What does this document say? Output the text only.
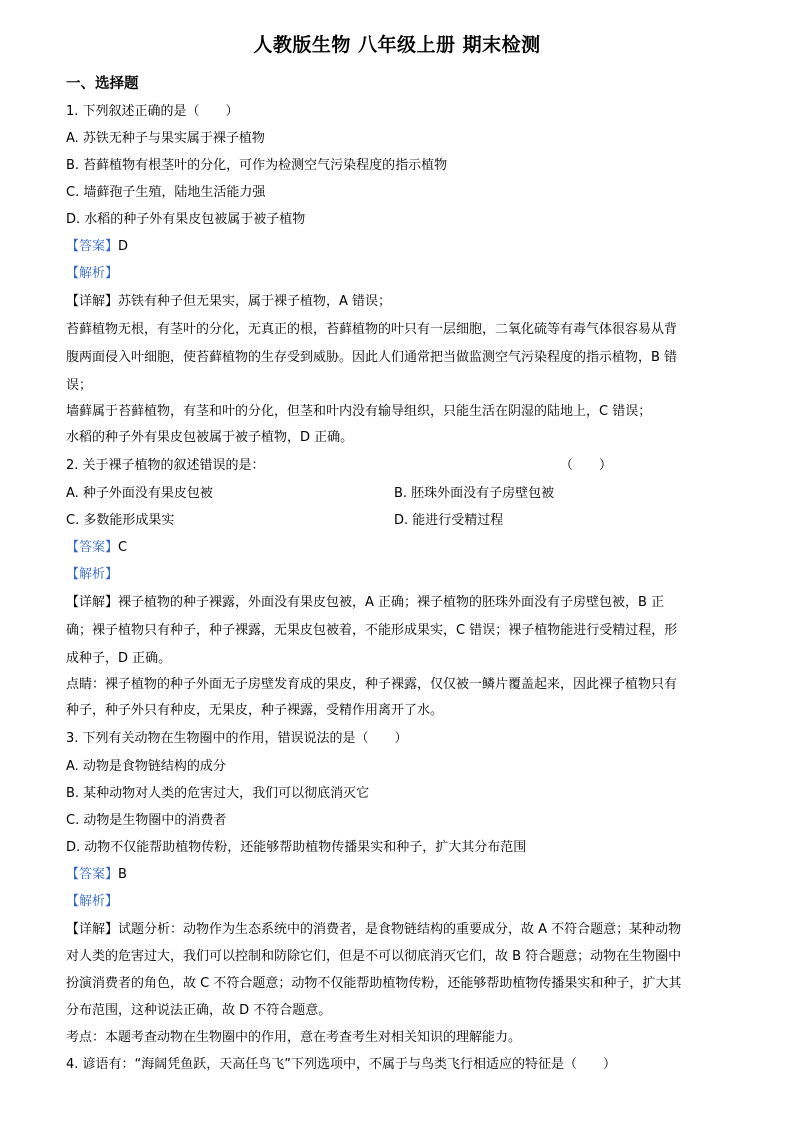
人教版生物 八年级上册 期末检测
一、选择题
1. 下列叙述正确的是（　　）
A. 苏铁无种子与果实属于裸子植物
B. 苔藓植物有根茎叶的分化，可作为检测空气污染程度的指示植物
C. 墙藓孢子生殖，陆地生活能力强
D. 水稻的种子外有果皮包被属于被子植物
【答案】D
【解析】
【详解】苏铁有种子但无果实，属于裸子植物，A 错误；
苔藓植物无根，有茎叶的分化，无真正的根，苔藓植物的叶只有一层细胞，二氧化硫等有毒气体很容易从背
腹两面侵入叶细胞，使苔藓植物的生存受到威胁。因此人们通常把当做监测空气污染程度的指示植物，B 错
误；
墙藓属于苔藓植物，有茎和叶的分化，但茎和叶内没有输导组织，只能生活在阴湿的陆地上，C 错误；
水稻的种子外有果皮包被属于被子植物，D 正确。
2. 关于裸子植物的叙述错误的是：	（　　）
A. 种子外面没有果皮包被	B. 胚珠外面没有子房壁包被
C. 多数能形成果实	D. 能进行受精过程
【答案】C
【解析】
【详解】裸子植物的种子裸露，外面没有果皮包被，A 正确；裸子植物的胚珠外面没有子房壁包被，B 正
确；裸子植物只有种子，种子裸露，无果皮包被着，不能形成果实，C 错误；裸子植物能进行受精过程，形
成种子，D 正确。
点睛：裸子植物的种子外面无子房壁发育成的果皮，种子裸露，仅仅被一鳞片覆盖起来，因此裸子植物只有
种子，种子外只有种皮，无果皮，种子裸露，受精作用离开了水。
3. 下列有关动物在生物圈中的作用，错误说法的是（　　）
A. 动物是食物链结构的成分
B. 某种动物对人类的危害过大，我们可以彻底消灭它
C. 动物是生物圈中的消费者
D. 动物不仅能帮助植物传粉，还能够帮助植物传播果实和种子，扩大其分布范围
【答案】B
【解析】
【详解】试题分析：动物作为生态系统中的消费者，是食物链结构的重要成分，故 A 不符合题意；某种动物
对人类的危害过大，我们可以控制和防除它们，但是不可以彻底消灭它们，故 B 符合题意；动物在生物圈中
扮演消费者的角色，故 C 不符合题意；动物不仅能帮助植物传粉，还能够帮助植物传播果实和种子，扩大其
分布范围，这种说法正确，故 D 不符合题意。
考点：本题考查动物在生物圈中的作用，意在考查考生对相关知识的理解能力。
4. 谚语有：“海阔凭鱼跃，天高任鸟飞”下列选项中，不属于与鸟类飞行相适应的特征是（　　）
